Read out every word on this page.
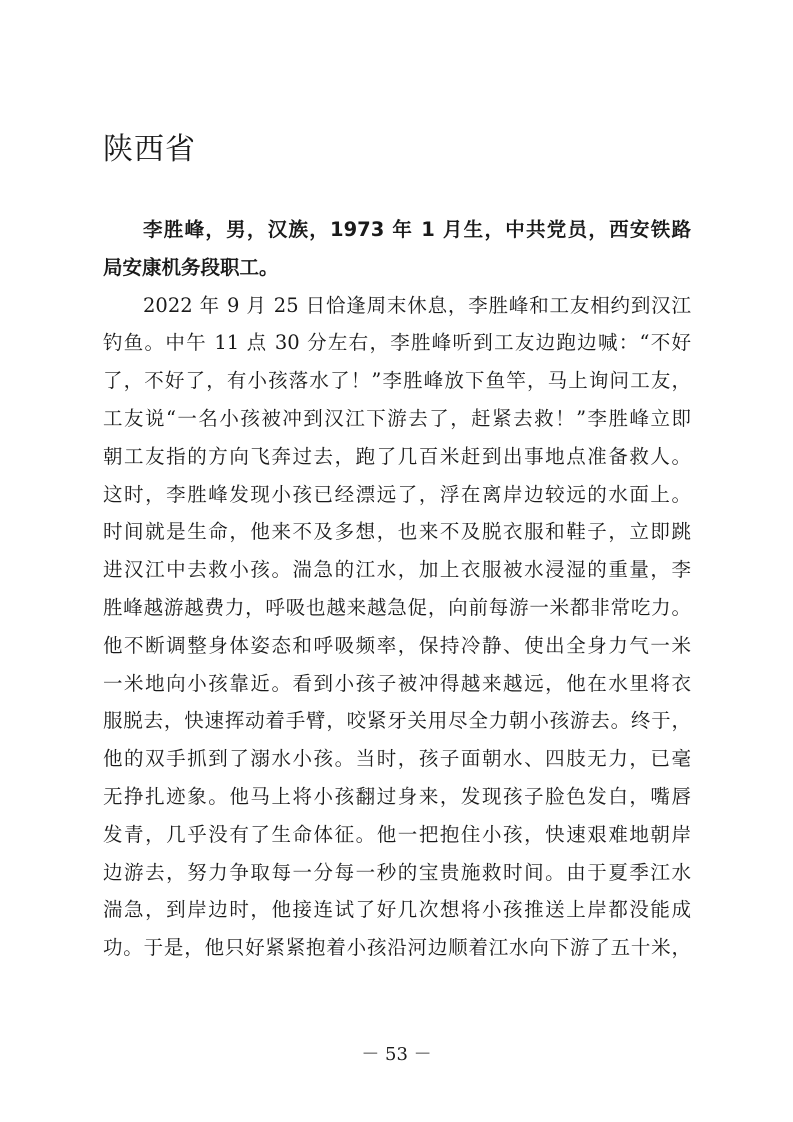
陕西省

李胜峰，男，汉族，1973 年 1 月生，中共党员，西安铁路
局安康机务段职工。

2022 年 9 月 25 日恰逢周末休息，李胜峰和工友相约到汉江
钓鱼。中午 11 点 30 分左右，李胜峰听到工友边跑边喊：“不好
了，不好了，有小孩落水了！”李胜峰放下鱼竿，马上询问工友，
工友说“一名小孩被冲到汉江下游去了，赶紧去救！”李胜峰立即
朝工友指的方向飞奔过去，跑了几百米赶到出事地点准备救人。
这时，李胜峰发现小孩已经漂远了，浮在离岸边较远的水面上。
时间就是生命，他来不及多想，也来不及脱衣服和鞋子，立即跳
进汉江中去救小孩。湍急的江水，加上衣服被水浸湿的重量，李
胜峰越游越费力，呼吸也越来越急促，向前每游一米都非常吃力。
他不断调整身体姿态和呼吸频率，保持冷静、使出全身力气一米
一米地向小孩靠近。看到小孩子被冲得越来越远，他在水里将衣
服脱去，快速挥动着手臂，咬紧牙关用尽全力朝小孩游去。终于，
他的双手抓到了溺水小孩。当时，孩子面朝水、四肢无力，已毫
无挣扎迹象。他马上将小孩翻过身来，发现孩子脸色发白，嘴唇
发青，几乎没有了生命体征。他一把抱住小孩，快速艰难地朝岸
边游去，努力争取每一分每一秒的宝贵施救时间。由于夏季江水
湍急，到岸边时，他接连试了好几次想将小孩推送上岸都没能成
功。于是，他只好紧紧抱着小孩沿河边顺着江水向下游了五十米，

－ 53 －
